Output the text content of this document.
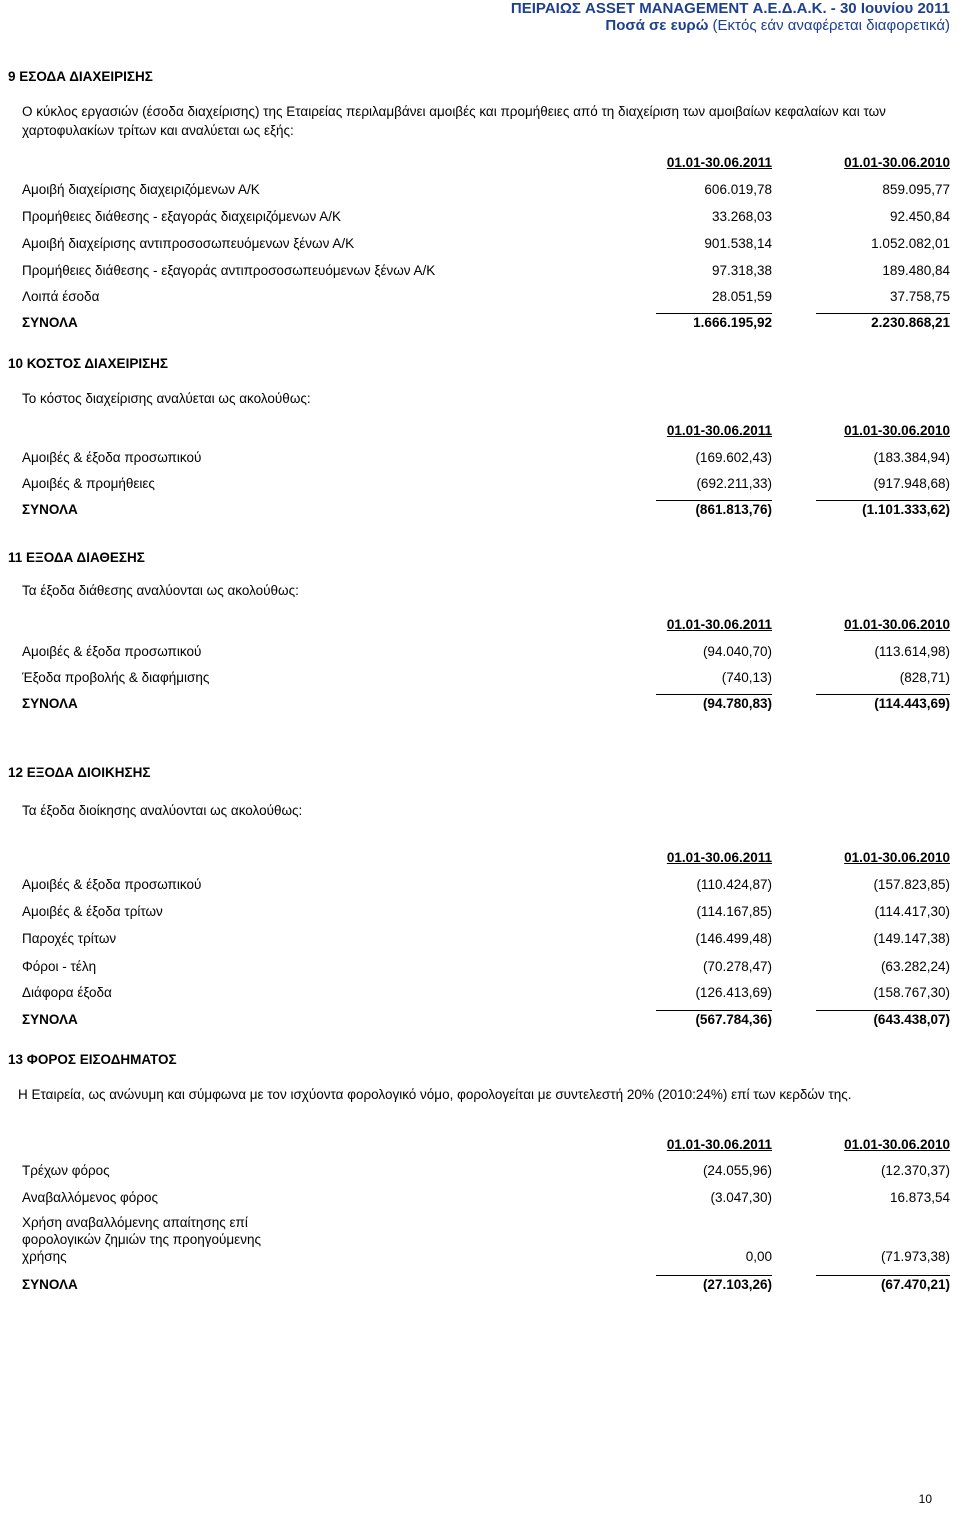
ΠΕΙΡΑΙΩΣ ASSET MANAGEMENT Α.Ε.Δ.Α.Κ. - 30 Ιουνίου 2011
Ποσά σε ευρώ (Εκτός εάν αναφέρεται διαφορετικά)
9 ΕΣΟΔΑ ΔΙΑΧΕΙΡΙΣΗΣ
Ο κύκλος εργασιών (έσοδα διαχείρισης) της Εταιρείας περιλαμβάνει αμοιβές και προμήθειες από τη διαχείριση των αμοιβαίων κεφαλαίων και των χαρτοφυλακίων τρίτων και αναλύεται ως εξής:
01.01-30.06.2011	01.01-30.06.2010
Αμοιβή διαχείρισης διαχειριζόμενων Α/Κ	606.019,78	859.095,77
Προμήθειες διάθεσης - εξαγοράς διαχειριζόμενων Α/Κ	33.268,03	92.450,84
Αμοιβή διαχείρισης αντιπροσοσωπευόμενων ξένων Α/Κ	901.538,14	1.052.082,01
Προμήθειες διάθεσης - εξαγοράς αντιπροσοσωπευόμενων ξένων Α/Κ	97.318,38	189.480,84
Λοιπά έσοδα	28.051,59	37.758,75
ΣΥΝΟΛΑ	1.666.195,92	2.230.868,21
10 ΚΟΣΤΟΣ ΔΙΑΧΕΙΡΙΣΗΣ
Το κόστος διαχείρισης αναλύεται ως ακολούθως:
01.01-30.06.2011	01.01-30.06.2010
Αμοιβές & έξοδα προσωπικού	(169.602,43)	(183.384,94)
Αμοιβές & προμήθειες	(692.211,33)	(917.948,68)
ΣΥΝΟΛΑ	(861.813,76)	(1.101.333,62)
11 ΕΞΟΔΑ ΔΙΑΘΕΣΗΣ
Τα έξοδα διάθεσης αναλύονται ως ακολούθως:
01.01-30.06.2011	01.01-30.06.2010
Αμοιβές & έξοδα προσωπικού	(94.040,70)	(113.614,98)
Έξοδα προβολής & διαφήμισης	(740,13)	(828,71)
ΣΥΝΟΛΑ	(94.780,83)	(114.443,69)
12 ΕΞΟΔΑ ΔΙΟΙΚΗΣΗΣ
Τα έξοδα διοίκησης αναλύονται ως ακολούθως:
01.01-30.06.2011	01.01-30.06.2010
Αμοιβές & έξοδα προσωπικού	(110.424,87)	(157.823,85)
Αμοιβές & έξοδα τρίτων	(114.167,85)	(114.417,30)
Παροχές τρίτων	(146.499,48)	(149.147,38)
Φόροι - τέλη	(70.278,47)	(63.282,24)
Διάφορα έξοδα	(126.413,69)	(158.767,30)
ΣΥΝΟΛΑ	(567.784,36)	(643.438,07)
13 ΦΟΡΟΣ ΕΙΣΟΔΗΜΑΤΟΣ
Η Εταιρεία, ως ανώνυμη και σύμφωνα με τον ισχύοντα φορολογικό νόμο, φορολογείται με συντελεστή 20% (2010:24%) επί των κερδών της.
01.01-30.06.2011	01.01-30.06.2010
Τρέχων φόρος	(24.055,96)	(12.370,37)
Αναβαλλόμενος φόρος	(3.047,30)	16.873,54
Χρήση αναβαλλόμενης απαίτησης επί φορολογικών ζημιών της προηγούμενης χρήσης	0,00	(71.973,38)
ΣΥΝΟΛΑ	(27.103,26)	(67.470,21)
10
